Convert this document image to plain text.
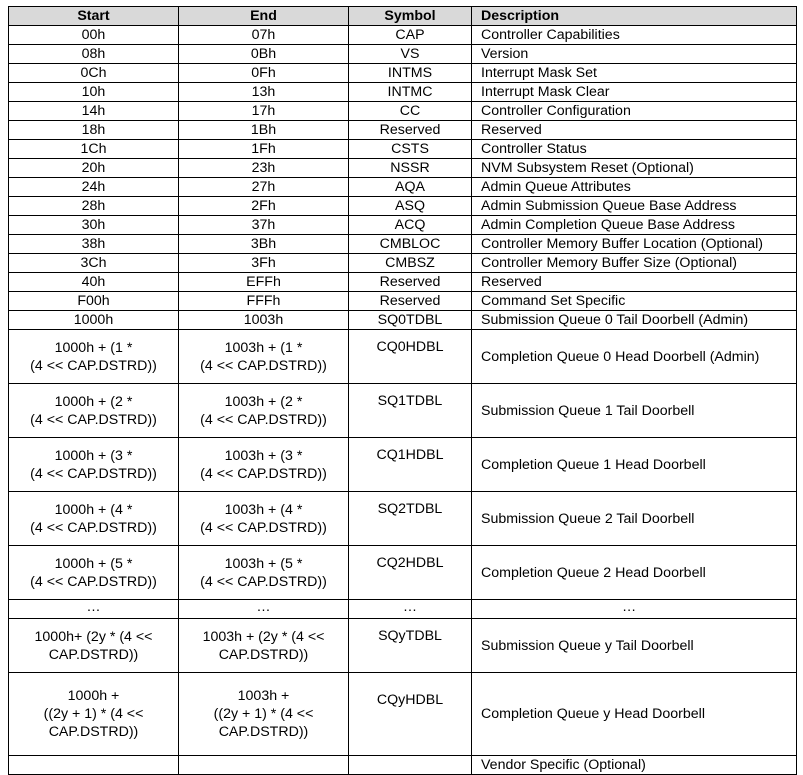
Start	End	Symbol	Description
00h	07h	CAP	Controller Capabilities
08h	0Bh	VS	Version
0Ch	0Fh	INTMS	Interrupt Mask Set
10h	13h	INTMC	Interrupt Mask Clear
14h	17h	CC	Controller Configuration
18h	1Bh	Reserved	Reserved
1Ch	1Fh	CSTS	Controller Status
20h	23h	NSSR	NVM Subsystem Reset (Optional)
24h	27h	AQA	Admin Queue Attributes
28h	2Fh	ASQ	Admin Submission Queue Base Address
30h	37h	ACQ	Admin Completion Queue Base Address
38h	3Bh	CMBLOC	Controller Memory Buffer Location (Optional)
3Ch	3Fh	CMBSZ	Controller Memory Buffer Size (Optional)
40h	EFFh	Reserved	Reserved
F00h	FFFh	Reserved	Command Set Specific
1000h	1003h	SQ0TDBL	Submission Queue 0 Tail Doorbell (Admin)
1000h + (1 *
(4 << CAP.DSTRD))	1003h + (1 *
(4 << CAP.DSTRD))	CQ0HDBL	Completion Queue 0 Head Doorbell (Admin)
1000h + (2 *
(4 << CAP.DSTRD))	1003h + (2 *
(4 << CAP.DSTRD))	SQ1TDBL	Submission Queue 1 Tail Doorbell
1000h + (3 *
(4 << CAP.DSTRD))	1003h + (3 *
(4 << CAP.DSTRD))	CQ1HDBL	Completion Queue 1 Head Doorbell
1000h + (4 *
(4 << CAP.DSTRD))	1003h + (4 *
(4 << CAP.DSTRD))	SQ2TDBL	Submission Queue 2 Tail Doorbell
1000h + (5 *
(4 << CAP.DSTRD))	1003h + (5 *
(4 << CAP.DSTRD))	CQ2HDBL	Completion Queue 2 Head Doorbell
…	…	…	…
1000h+ (2y * (4 <<
CAP.DSTRD))	1003h + (2y * (4 <<
CAP.DSTRD))	SQyTDBL	Submission Queue y Tail Doorbell
1000h +
((2y + 1) * (4 <<
CAP.DSTRD))	1003h +
((2y + 1) * (4 <<
CAP.DSTRD))	CQyHDBL	Completion Queue y Head Doorbell
			Vendor Specific (Optional)
